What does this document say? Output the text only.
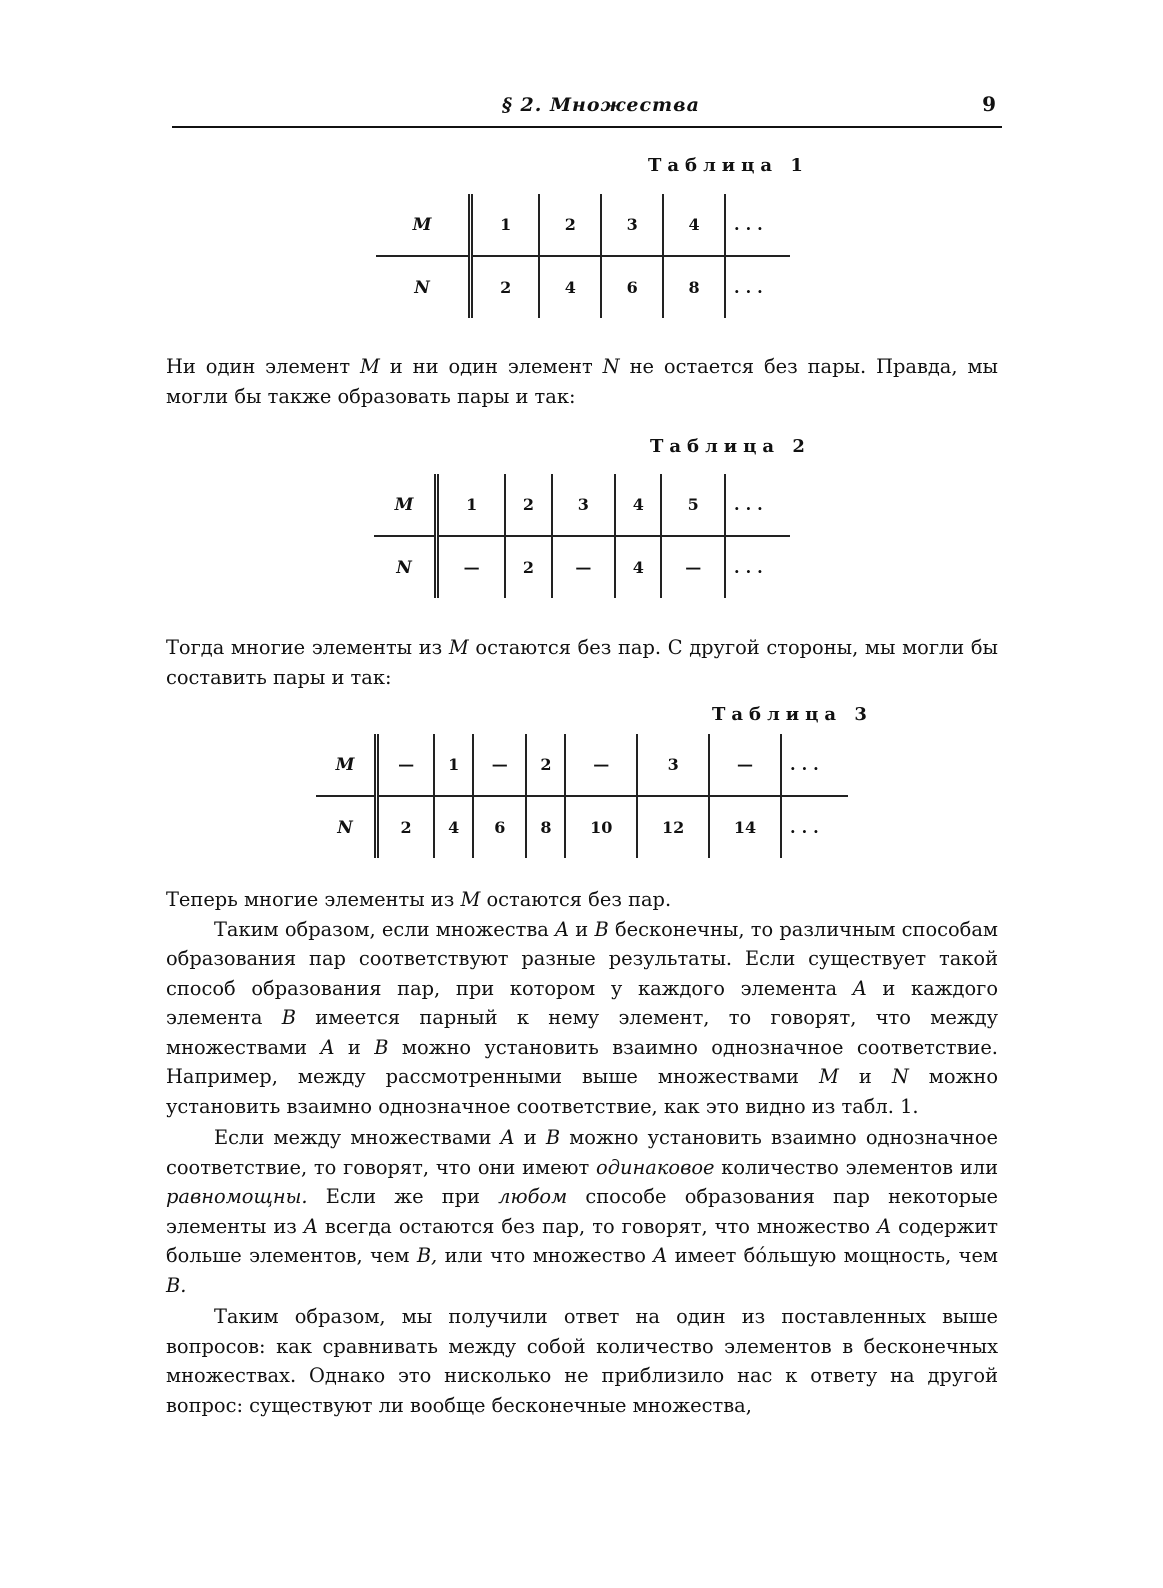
§ 2. Множества	9
Таблица 1
M	1	2	3	4	...
N	2	4	6	8	...

Ни один элемент M и ни один элемент N не остается без пары. Правда, мы могли бы также образовать пары и так:

Таблица 2
M	1	2	3	4	5	...
N	—	2	—	4	—	...

Тогда многие элементы из M остаются без пар. С другой стороны, мы могли бы составить пары и так:

Таблица 3
M	—	1	—	2	—	3	—	...
N	2	4	6	8	10	12	14	...

Теперь многие элементы из M остаются без пар.

Таким образом, если множества A и B бесконечны, то различным способам образования пар соответствуют разные результаты. Если существует такой способ образования пар, при котором у каждого элемента A и каждого элемента B имеется парный к нему элемент, то говорят, что между множествами A и B можно установить взаимно однозначное соответствие. Например, между рассмотренными выше множествами M и N можно установить взаимно однозначное соответствие, как это видно из табл. 1.

Если между множествами A и B можно установить взаимно однозначное соответствие, то говорят, что они имеют одинаковое количество элементов или равномощны. Если же при любом способе образования пар некоторые элементы из A всегда остаются без пар, то говорят, что множество A содержит больше элементов, чем B, или что множество A имеет бóльшую мощность, чем B.

Таким образом, мы получили ответ на один из поставленных выше вопросов: как сравнивать между собой количество элементов в бесконечных множествах. Однако это нисколько не приблизило нас к ответу на другой вопрос: существуют ли вообще бесконечные множества,
